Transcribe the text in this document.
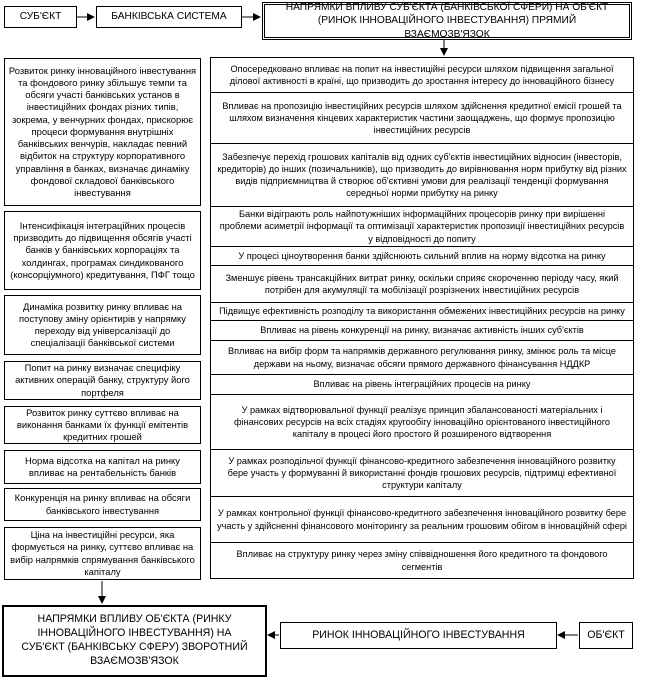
СУБ'ЄКТ	БАНКІВСЬКА СИСТЕМА
НАПРЯМКИ ВПЛИВУ СУБ'ЄКТА (БАНКІВСЬКОЇ СФЕРИ) НА ОБ'ЄКТ (РИНОК ІННОВАЦІЙНОГО ІНВЕСТУВАННЯ) ПРЯМИЙ ВЗАЄМОЗВ'ЯЗОК
Опосередковано впливає на попит на інвестиційні ресурси шляхом підвищення загальної ділової активності в країні, що призводить до зростання інтересу до інноваційного бізнесу
Впливає на пропозицію інвестиційних ресурсів шляхом здійснення кредитної емісії грошей та шляхом визначення кінцевих характеристик частини заощаджень, що формує пропозицію інвестиційних ресурсів
Забезпечує перехід грошових капіталів від одних суб'єктів інвестиційних відносин (інвесторів, кредиторів) до інших (позичальників), що призводить до вирівнювання норм прибутку від різних видів підприємництва й створює об'єктивні умови для реалізації тенденції формування середньої норми прибутку на ринку
Банки відіграють роль найпотужніших інформаційних процесорів ринку при вирішенні проблеми асиметрії інформації та оптимізації характеристик пропозиції інвестиційних ресурсів у відповідності до попиту
У процесі ціноутворення банки здійснюють сильний вплив на норму відсотка на ринку
Зменшує рівень трансакційних витрат ринку, оскільки сприяє скороченню періоду часу, який потрібен для акумуляції та мобілізації розрізнених інвестиційних ресурсів
Підвищує ефективність розподілу та використання обмежених інвестиційних ресурсів на ринку
Впливає на рівень конкуренції на ринку, визначає активність інших суб'єктів
Впливає на вибір форм та напрямків державного регулювання ринку, змінює роль та місце держави на ньому, визначає обсяги прямого державного фінансування НДДКР
Впливає на рівень інтеграційних процесів на ринку
У рамках відтворювальної функції реалізує принцип збалансованості матеріальних і фінансових ресурсів на всіх стадіях кругообігу інноваційно орієнтованого інвестиційного капіталу в процесі його простого й розширеного відтворення
У рамках розподільчої функції фінансово-кредитного забезпечення інноваційного розвитку бере участь у формуванні й використанні фондів грошових ресурсів, підтримці ефективної структури капіталу
У рамках контрольної функції фінансово-кредитного забезпечення інноваційного розвитку бере участь у здійсненні фінансового моніторингу за реальним грошовим обігом в інноваційній сфері
Впливає на структуру ринку через зміну співвідношення його кредитного та фондового сегментів
Розвиток ринку інноваційного інвестування та фондового ринку збільшує темпи та обсяги участі банківських установ в інвестиційних фондах різних типів, зокрема, у венчурних фондах, прискорює процеси формування внутрішніх банківських венчурів, накладає певний відбиток на структуру корпоративного управління в банках, визначає динаміку фондової складової банківського інвестування
Інтенсифікація інтеграційних процесів призводить до підвищення обсягів участі банків у банківських корпораціях та холдингах, програмах синдикованого (консорціумного) кредитування, ПФГ тощо
Динаміка розвитку ринку впливає на поступову зміну орієнтирів у напрямку переходу від універсалізації до спеціалізації банківської системи
Попит на ринку визначає специфіку активних операцій банку, структуру його портфеля
Розвиток ринку суттєво впливає на виконання банками їх функції емітентів кредитних грошей
Норма відсотка на капітал на ринку впливає на рентабельність банків
Конкуренція на ринку впливає на обсяги банківського інвестування
Ціна на інвестиційні ресурси, яка формується на ринку, суттєво впливає на вибір напрямків спрямування банківського капіталу
НАПРЯМКИ ВПЛИВУ ОБ'ЄКТА (РИНКУ ІННОВАЦІЙНОГО ІНВЕСТУВАННЯ) НА СУБ'ЄКТ (БАНКІВСЬКУ СФЕРУ) ЗВОРОТНИЙ ВЗАЄМОЗВ'ЯЗОК
РИНОК ІННОВАЦІЙНОГО ІНВЕСТУВАННЯ	ОБ'ЄКТ
